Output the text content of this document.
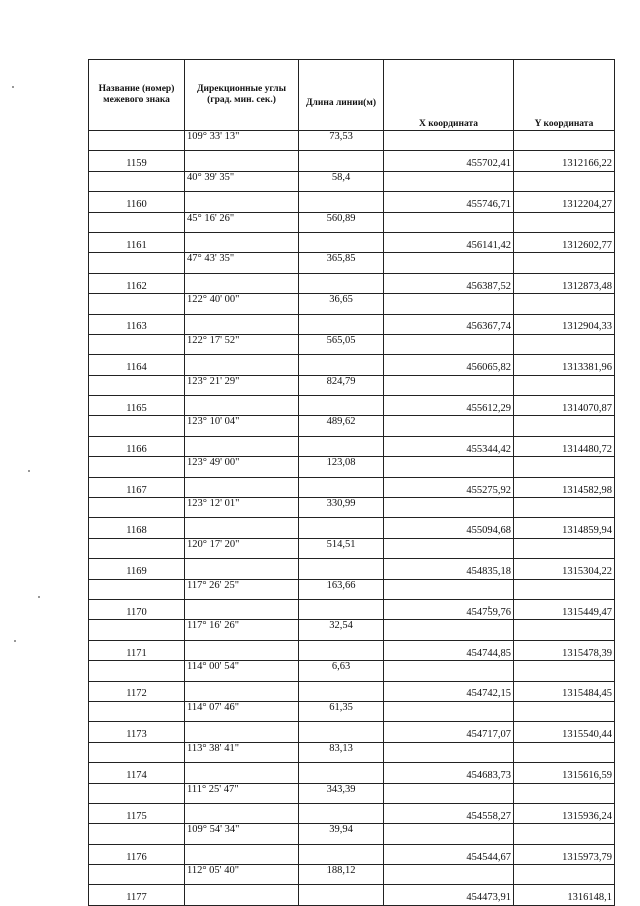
Название (номер) межевого знака	Дирекционные углы (град. мин. сек.)	Длина линии(м)	X координата	Y координата
	109° 33' 13"	73,53		
1159			455702,41	1312166,22
	40° 39' 35"	58,4		
1160			455746,71	1312204,27
	45° 16' 26"	560,89		
1161			456141,42	1312602,77
	47° 43' 35"	365,85		
1162			456387,52	1312873,48
	122° 40' 00"	36,65		
1163			456367,74	1312904,33
	122° 17' 52"	565,05		
1164			456065,82	1313381,96
	123° 21' 29"	824,79		
1165			455612,29	1314070,87
	123° 10' 04"	489,62		
1166			455344,42	1314480,72
	123° 49' 00"	123,08		
1167			455275,92	1314582,98
	123° 12' 01"	330,99		
1168			455094,68	1314859,94
	120° 17' 20"	514,51		
1169			454835,18	1315304,22
	117° 26' 25"	163,66		
1170			454759,76	1315449,47
	117° 16' 26"	32,54		
1171			454744,85	1315478,39
	114° 00' 54"	6,63		
1172			454742,15	1315484,45
	114° 07' 46"	61,35		
1173			454717,07	1315540,44
	113° 38' 41"	83,13		
1174			454683,73	1315616,59
	111° 25' 47"	343,39		
1175			454558,27	1315936,24
	109° 54' 34"	39,94		
1176			454544,67	1315973,79
	112° 05' 40"	188,12		
1177			454473,91	1316148,1
